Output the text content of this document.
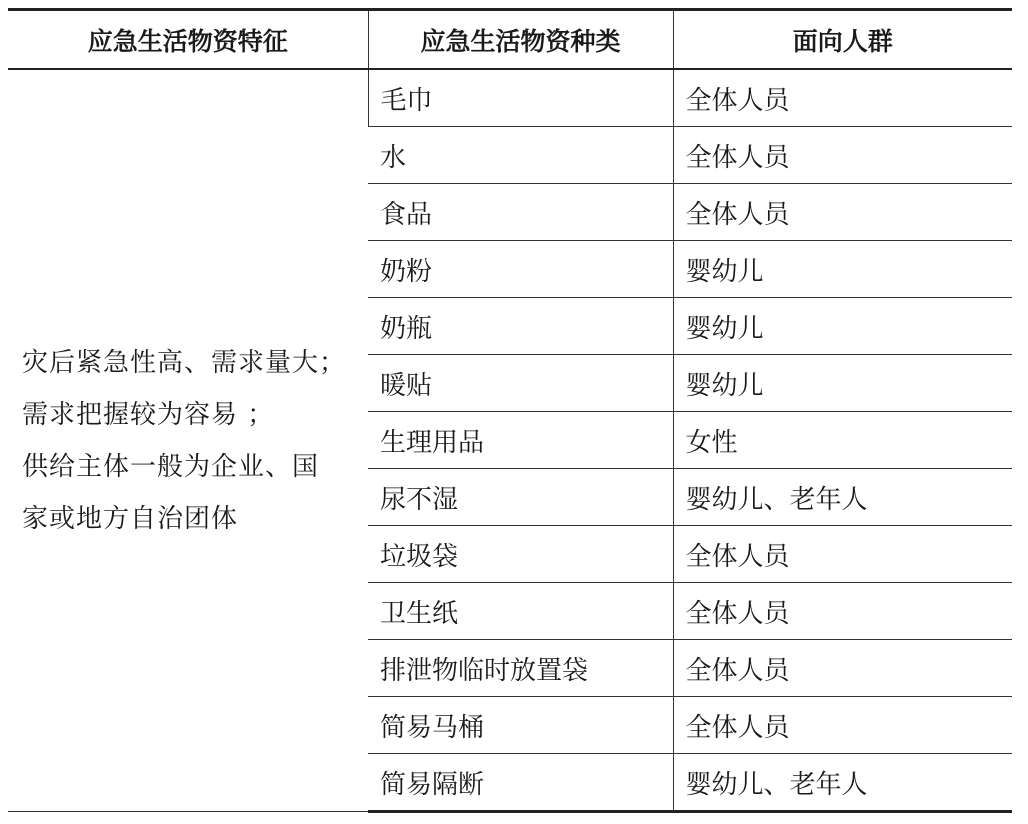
应急生活物资特征	应急生活物资种类	面向人群

灾后紧急性高、需求量大；
需求把握较为容易 ；
供给主体一般为企业、国
家或地方自治团体	毛巾	全体人员
	水	全体人员
	食品	全体人员
	奶粉	婴幼儿
	奶瓶	婴幼儿
	暖贴	婴幼儿
	生理用品	女性
	尿不湿	婴幼儿、老年人
	垃圾袋	全体人员
	卫生纸	全体人员
	排泄物临时放置袋	全体人员
	简易马桶	全体人员
	简易隔断	婴幼儿、老年人
